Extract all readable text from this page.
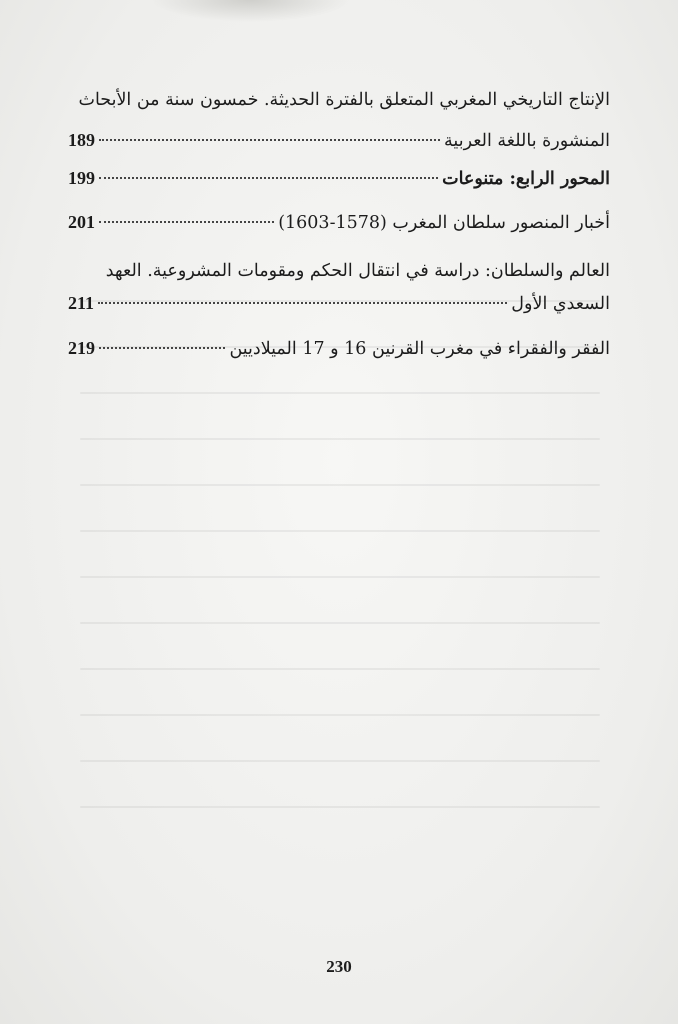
الإنتاج التاريخي المغربي المتعلق بالفترة الحديثة. خمسون سنة من الأبحاث
المنشورة باللغة العربية
189
المحور الرابع: متنوعات
199
أخبار المنصور سلطان المغرب (1578-1603)
201
العالم والسلطان: دراسة في انتقال الحكم ومقومات المشروعية. العهد
السعدي الأول
211
الفقر والفقراء في مغرب القرنين 16 و 17 الميلاديين
219
230
